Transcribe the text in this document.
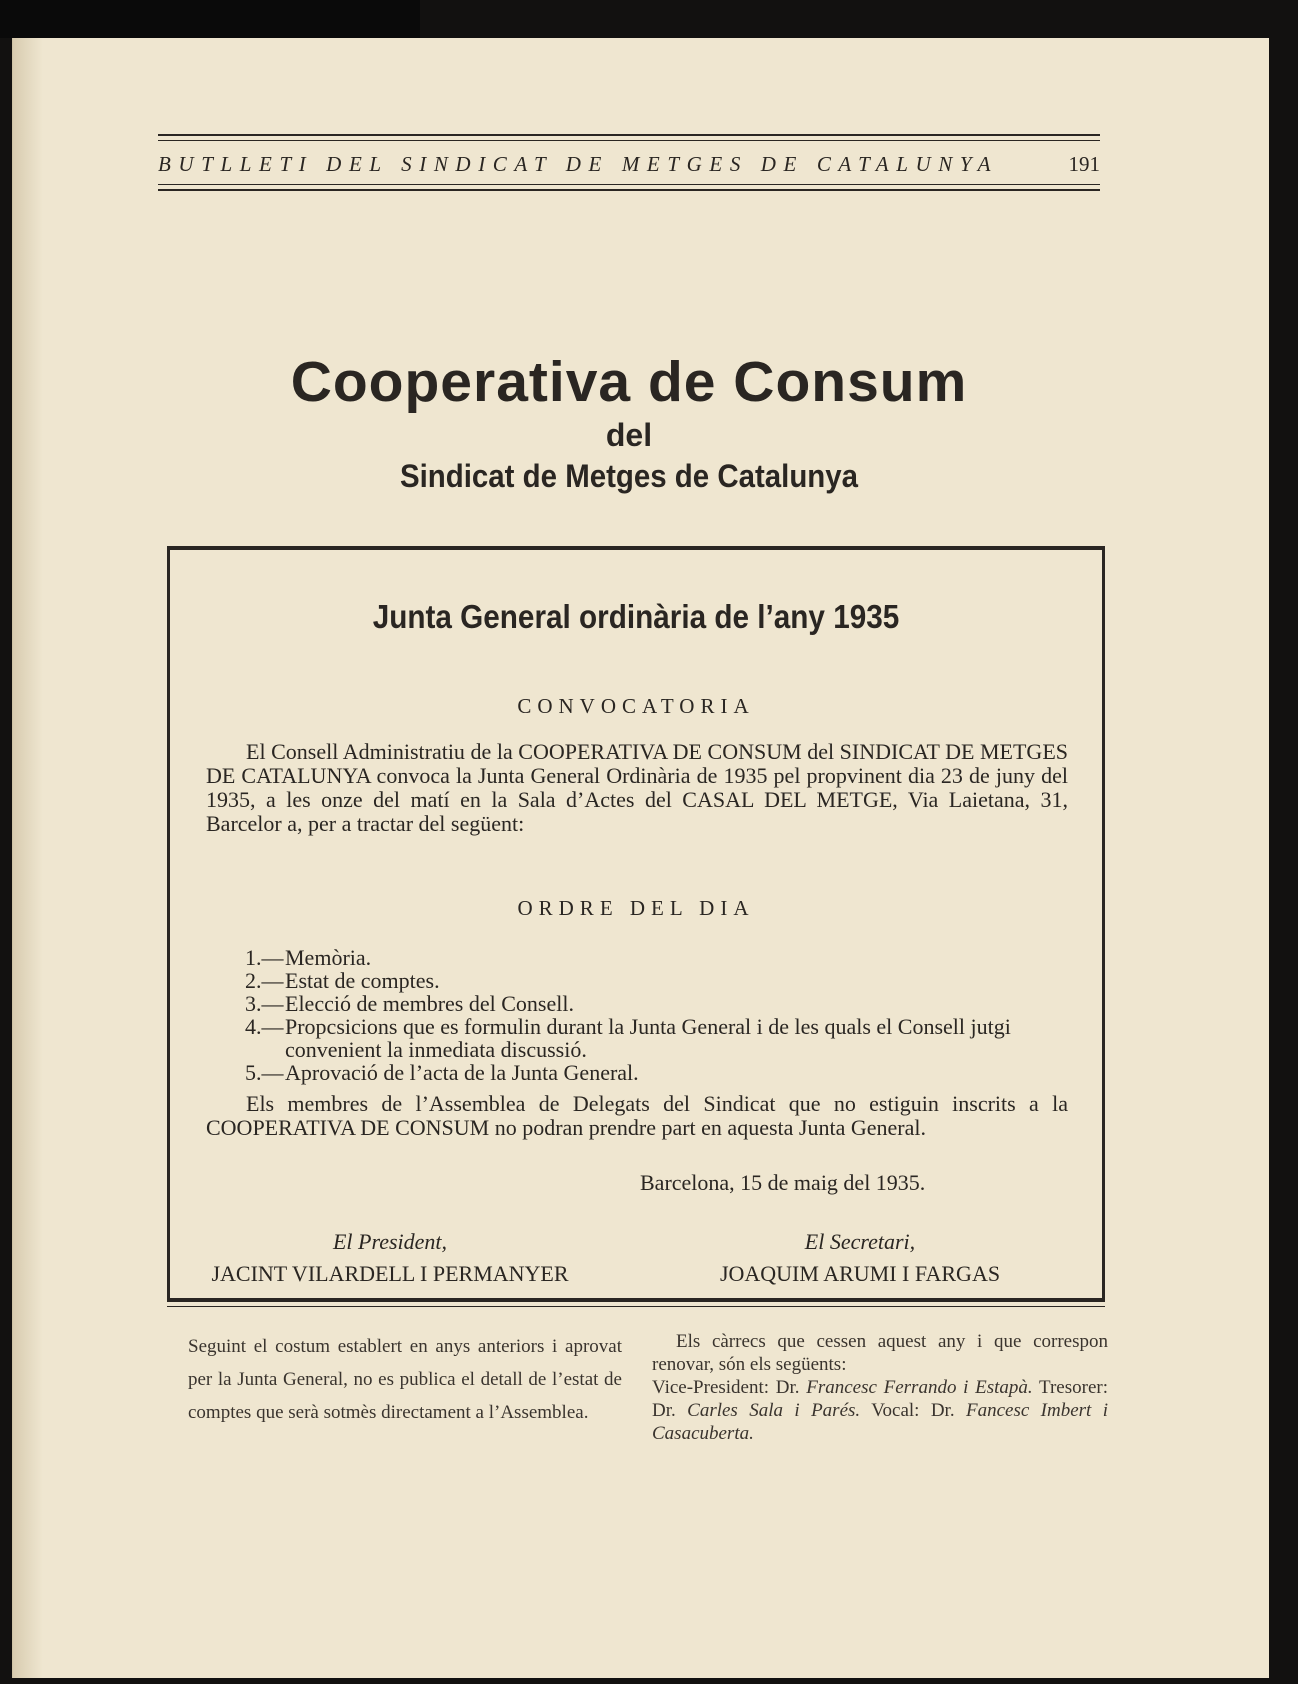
BUTLLETI DEL SINDICAT DE METGES DE CATALUNYA	191
Cooperativa de Consum
del
Sindicat de Metges de Catalunya
Junta General ordinària de l’any 1935
CONVOCATORIA
El Consell Administratiu de la COOPERATIVA DE CONSUM del SINDICAT DE METGES DE CATALUNYA convoca la Junta General Ordinària de 1935 pel propvinent dia 23 de juny del 1935, a les onze del matí en la Sala d’Actes del CASAL DEL METGE, Via Laietana, 31, Barcelor a, per a tractar del següent:
ORDRE DEL DIA
1.— Memòria.
2.— Estat de comptes.
3.— Elecció de membres del Consell.
4.— Propcsicions que es formulin durant la Junta General i de les quals el Consell jutgi convenient la inmediata discussió.
5.— Aprovació de l’acta de la Junta General.
Els membres de l’Assemblea de Delegats del Sindicat que no estiguin inscrits a la COOPERATIVA DE CONSUM no podran prendre part en aquesta Junta General.
Barcelona, 15 de maig del 1935.
El President,
JACINT VILARDELL I PERMANYER
El Secretari,
JOAQUIM ARUMI I FARGAS
Seguint el costum establert en anys anteriors i aprovat per la Junta General, no es publica el detall de l’estat de comptes que serà sotmès directament a l’Assemblea.

Els càrrecs que cessen aquest any i que correspon renovar, són els següents:

Vice-President: Dr. Francesc Ferrando i Estapà. Tresorer: Dr. Carles Sala i Parés. Vocal: Dr. Fancesc Imbert i Casacuberta.
